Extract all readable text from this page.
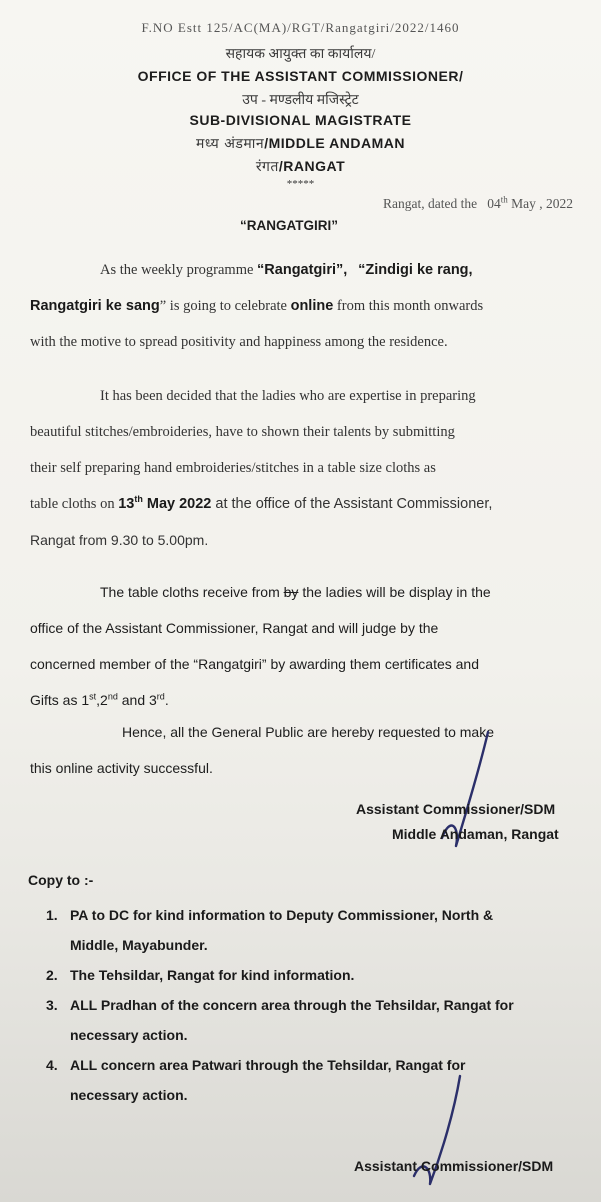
F.NO Estt 125/AC(MA)/RGT/Rangatgiri/2022/1460
सहायक आयुक्त का कार्यालय/
OFFICE OF THE ASSISTANT COMMISSIONER/
उप - मण्डलीय मजिस्ट्रेट
SUB-DIVISIONAL MAGISTRATE
मध्य अंडमान/MIDDLE ANDAMAN
रंगत/RANGAT
*****
Rangat, dated the 04th May , 2022
“RANGATGIRI”
As the weekly programme “Rangatgiri”, “Zindigi ke rang,
Rangatgiri ke sang” is going to celebrate online from this month onwards
with the motive to spread positivity and happiness among the residence.
It has been decided that the ladies who are expertise in preparing
beautiful stitches/embroideries, have to shown their talents by submitting
their self preparing hand embroideries/stitches in a table size cloths as
table cloths on 13th May 2022 at the office of the Assistant Commissioner,
Rangat from 9.30 to 5.00pm.
The table cloths receive from by the ladies will be display in the
office of the Assistant Commissioner, Rangat and will judge by the
concerned member of the “Rangatgiri” by awarding them certificates and
Gifts as 1st,2nd and 3rd.
Hence, all the General Public are hereby requested to make
this online activity successful.
Assistant Commissioner/SDM
Middle Andaman, Rangat
Copy to :-
1. PA to DC for kind information to Deputy Commissioner, North &
Middle, Mayabunder.
2. The Tehsildar, Rangat for kind information.
3. ALL Pradhan of the concern area through the Tehsildar, Rangat for
necessary action.
4. ALL concern area Patwari through the Tehsildar, Rangat for
necessary action.
Assistant Commissioner/SDM
